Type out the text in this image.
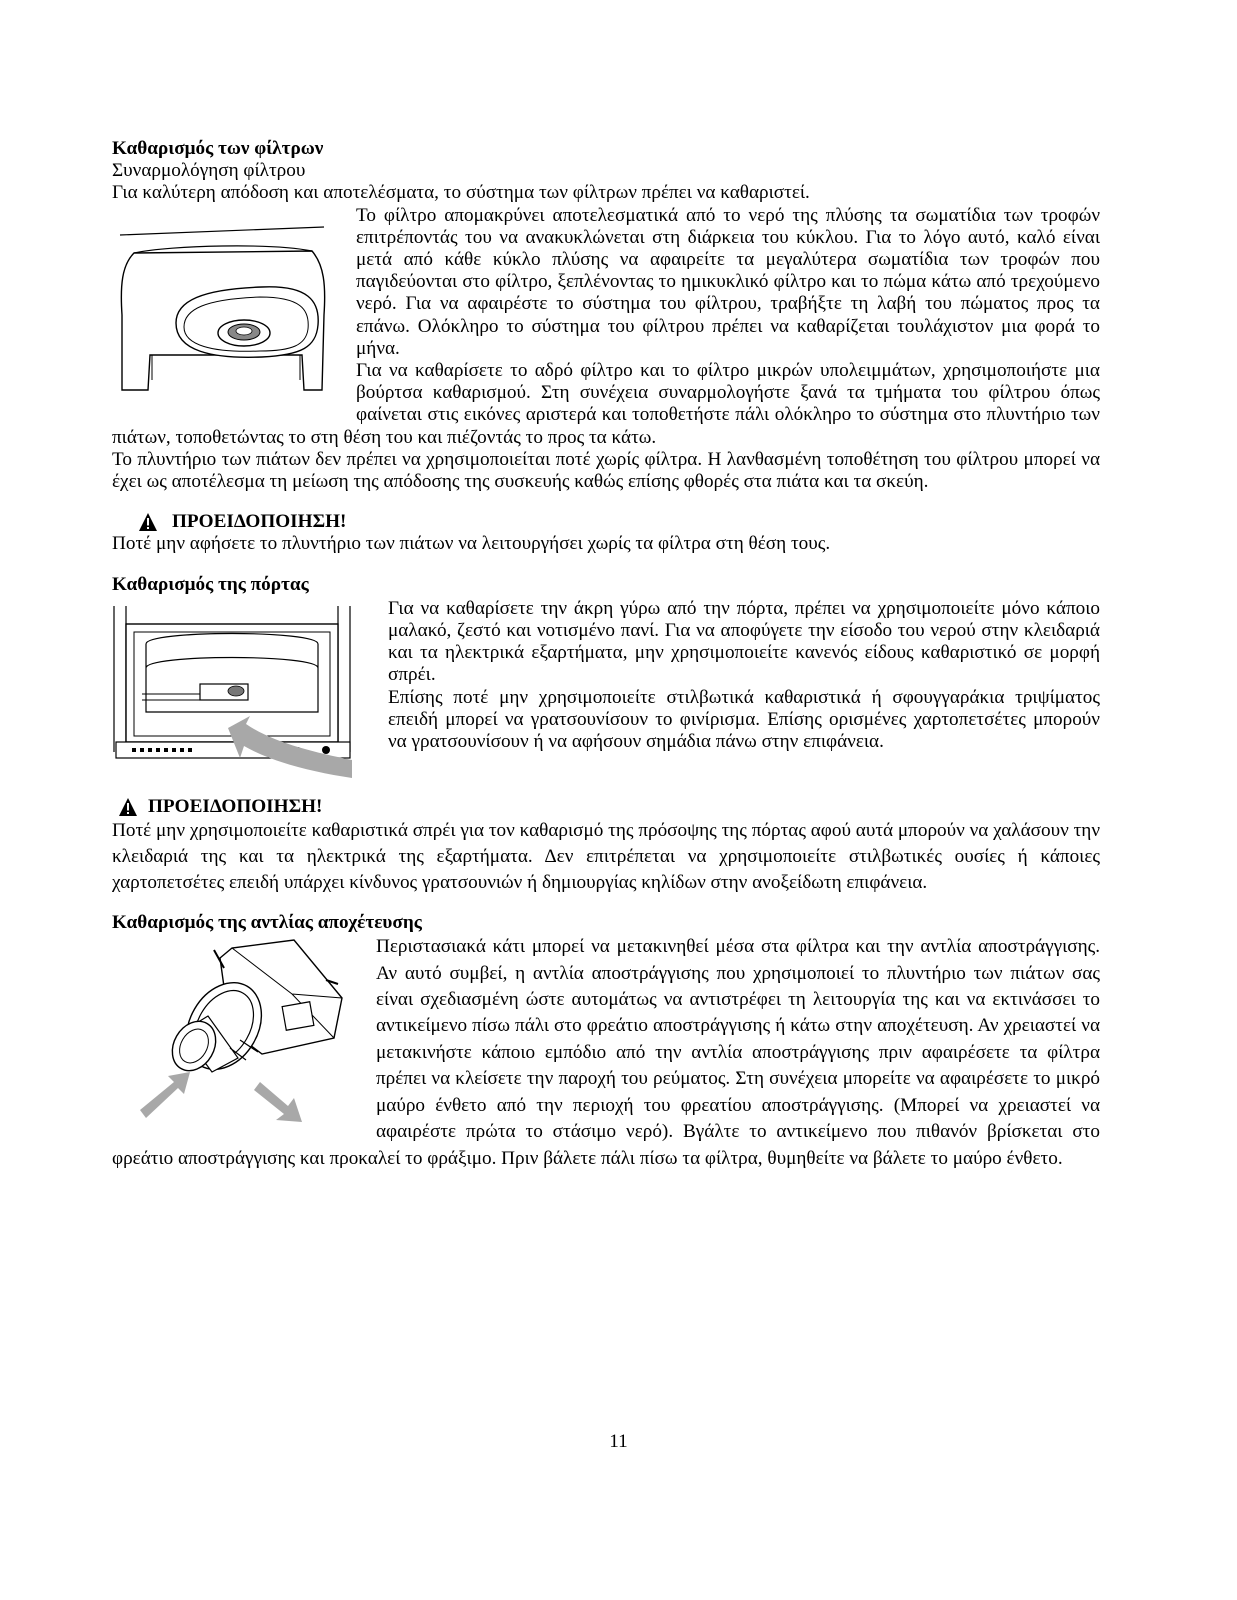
Καθαρισμός των φίλτρων

Συναρμολόγηση φίλτρου

Για καλύτερη απόδοση και αποτελέσματα, το σύστημα των φίλτρων πρέπει να καθαριστεί.

Το φίλτρο απομακρύνει αποτελεσματικά από το νερό της πλύσης τα σωματίδια των τροφών επιτρέποντάς του να ανακυκλώνεται στη διάρκεια του κύκλου. Για το λόγο αυτό, καλό είναι μετά από κάθε κύκλο πλύσης να αφαιρείτε τα μεγαλύτερα σωματίδια των τροφών που παγιδεύονται στο φίλτρο, ξεπλένοντας το ημικυκλικό φίλτρο και το πώμα κάτω από τρεχούμενο νερό. Για να αφαιρέστε το σύστημα του φίλτρου, τραβήξτε τη λαβή του πώματος προς τα επάνω. Ολόκληρο το σύστημα του φίλτρου πρέπει να καθαρίζεται τουλάχιστον μια φορά το μήνα.

Για να καθαρίσετε το αδρό φίλτρο και το φίλτρο μικρών υπολειμμάτων, χρησιμοποιήστε μια βούρτσα καθαρισμού. Στη συνέχεια συναρμολογήστε ξανά τα τμήματα του φίλτρου όπως φαίνεται στις εικόνες αριστερά και τοποθετήστε πάλι ολόκληρο το σύστημα στο πλυντήριο των πιάτων, τοποθετώντας το στη θέση του και πιέζοντάς το προς τα κάτω.

Το πλυντήριο των πιάτων δεν πρέπει να χρησιμοποιείται ποτέ χωρίς φίλτρα. Η λανθασμένη τοποθέτηση του φίλτρου μπορεί να έχει ως αποτέλεσμα τη μείωση της απόδοσης της συσκευής καθώς επίσης φθορές στα πιάτα και τα σκεύη.

ΠΡΟΕΙΔΟΠΟΙΗΣΗ!

Ποτέ μην αφήσετε το πλυντήριο των πιάτων να λειτουργήσει χωρίς τα φίλτρα στη θέση τους.

Καθαρισμός της πόρτας

Για να καθαρίσετε την άκρη γύρω από την πόρτα, πρέπει να χρησιμοποιείτε μόνο κάποιο μαλακό, ζεστό και νοτισμένο πανί. Για να αποφύγετε την είσοδο του νερού στην κλειδαριά και τα ηλεκτρικά εξαρτήματα, μην χρησιμοποιείτε κανενός είδους καθαριστικό σε μορφή σπρέι.

Επίσης ποτέ μην χρησιμοποιείτε στιλβωτικά καθαριστικά ή σφουγγαράκια τριψίματος επειδή μπορεί να γρατσουνίσουν το φινίρισμα. Επίσης ορισμένες χαρτοπετσέτες μπορούν να γρατσουνίσουν ή να αφήσουν σημάδια πάνω στην επιφάνεια.

ΠΡΟΕΙΔΟΠΟΙΗΣΗ!

Ποτέ μην χρησιμοποιείτε καθαριστικά σπρέι για τον καθαρισμό της πρόσοψης της πόρτας αφού αυτά μπορούν να χαλάσουν την κλειδαριά της και τα ηλεκτρικά της εξαρτήματα. Δεν επιτρέπεται να χρησιμοποιείτε στιλβωτικές ουσίες ή κάποιες χαρτοπετσέτες επειδή υπάρχει κίνδυνος γρατσουνιών ή δημιουργίας κηλίδων στην ανοξείδωτη επιφάνεια.

Καθαρισμός της αντλίας αποχέτευσης

Περιστασιακά κάτι μπορεί να μετακινηθεί μέσα στα φίλτρα και την αντλία αποστράγγισης. Αν αυτό συμβεί, η αντλία αποστράγγισης που χρησιμοποιεί το πλυντήριο των πιάτων σας είναι σχεδιασμένη ώστε αυτομάτως να αντιστρέφει τη λειτουργία της και να εκτινάσσει το αντικείμενο πίσω πάλι στο φρεάτιο αποστράγγισης ή κάτω στην αποχέτευση. Αν χρειαστεί να μετακινήστε κάποιο εμπόδιο από την αντλία αποστράγγισης πριν αφαιρέσετε τα φίλτρα πρέπει να κλείσετε την παροχή του ρεύματος. Στη συνέχεια μπορείτε να αφαιρέσετε το μικρό μαύρο ένθετο από την περιοχή του φρεατίου αποστράγγισης. (Μπορεί να χρειαστεί να αφαιρέστε πρώτα το στάσιμο νερό). Βγάλτε το αντικείμενο που πιθανόν βρίσκεται στο φρεάτιο αποστράγγισης και προκαλεί το φράξιμο. Πριν βάλετε πάλι πίσω τα φίλτρα, θυμηθείτε να βάλετε το μαύρο ένθετο.

11
